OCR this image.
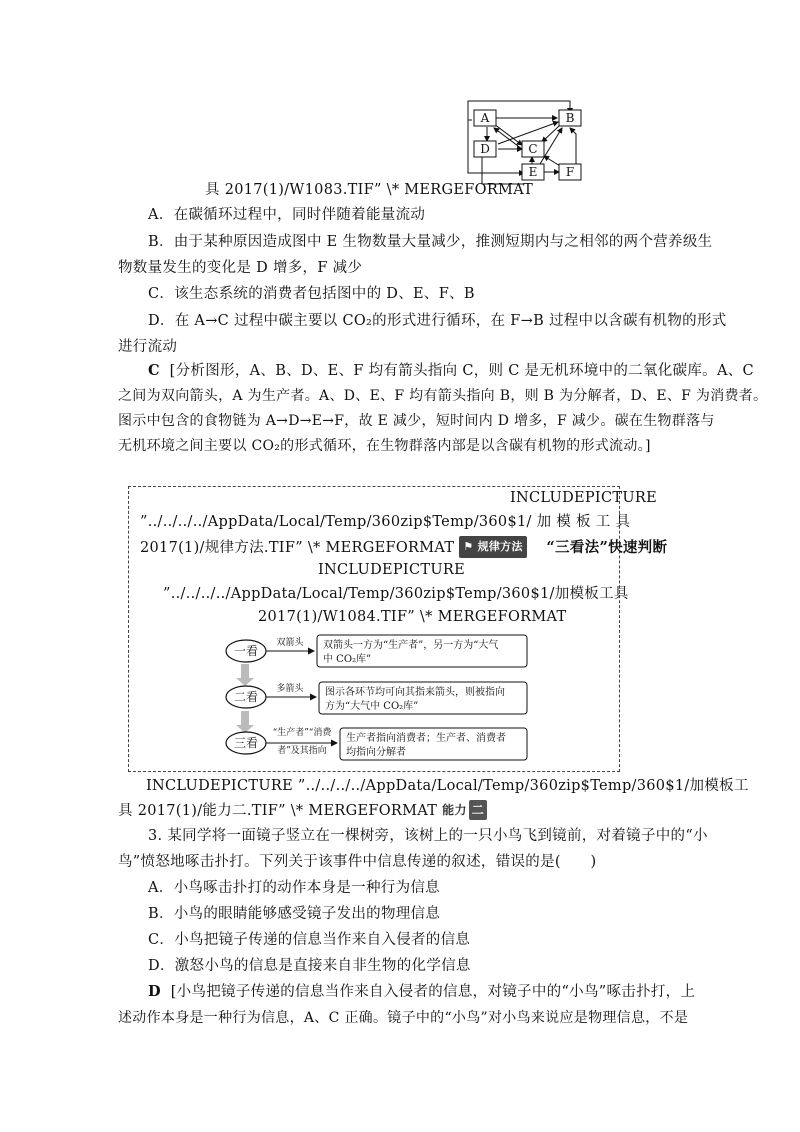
A	B
D	C
E F
具 2017(1)/W1083.TIF” \* MERGEFORMAT
A．在碳循环过程中，同时伴随着能量流动
B．由于某种原因造成图中 E 生物数量大量减少，推测短期内与之相邻的两个营养级生
物数量发生的变化是 D 增多，F 减少
C．该生态系统的消费者包括图中的 D、E、F、B
D．在 A→C 过程中碳主要以 CO₂的形式进行循环，在 F→B 过程中以含碳有机物的形式
进行流动
C [分析图形，A、B、D、E、F 均有箭头指向 C，则 C 是无机环境中的二氧化碳库。A、C
之间为双向箭头，A 为生产者。A、D、E、F 均有箭头指向 B，则 B 为分解者，D、E、F 为消费者。
图示中包含的食物链为 A→D→E→F，故 E 减少，短时间内 D 增多，F 减少。碳在生物群落与
无机环境之间主要以 CO₂的形式循环，在生物群落内部是以含碳有机物的形式流动。]
INCLUDEPICTURE
”../../../../AppData/Local/Temp/360zip$Temp/360$1/ 加 模 板 工 具
2017(1)/规律方法.TIF” \* MERGEFORMAT ⚑ 规律方法 “三看法”快速判断
INCLUDEPICTURE
”../../../../AppData/Local/Temp/360zip$Temp/360$1/加模板工具
2017(1)/W1084.TIF” \* MERGEFORMAT
一看
二看
三看
双箭头
多箭头
“生产者”“消费
者”及其指向
双箭头一方为“生产者”，另一方为“大气
中 CO₂库”
图示各环节均可向其指来箭头，则被指向
方为“大气中 CO₂库”
生产者指向消费者；生产者、消费者
均指向分解者
INCLUDEPICTURE ”../../../../AppData/Local/Temp/360zip$Temp/360$1/加模板工
具 2017(1)/能力二.TIF” \* MERGEFORMAT 能力 二
3. 某同学将一面镜子竖立在一棵树旁，该树上的一只小鸟飞到镜前，对着镜子中的“小
鸟”愤怒地啄击扑打。下列关于该事件中信息传递的叙述，错误的是(　　)
A．小鸟啄击扑打的动作本身是一种行为信息
B．小鸟的眼睛能够感受镜子发出的物理信息
C．小鸟把镜子传递的信息当作来自入侵者的信息
D．激怒小鸟的信息是直接来自非生物的化学信息
D [小鸟把镜子传递的信息当作来自入侵者的信息，对镜子中的“小鸟”啄击扑打，上
述动作本身是一种行为信息，A、C 正确。镜子中的“小鸟”对小鸟来说应是物理信息，不是
